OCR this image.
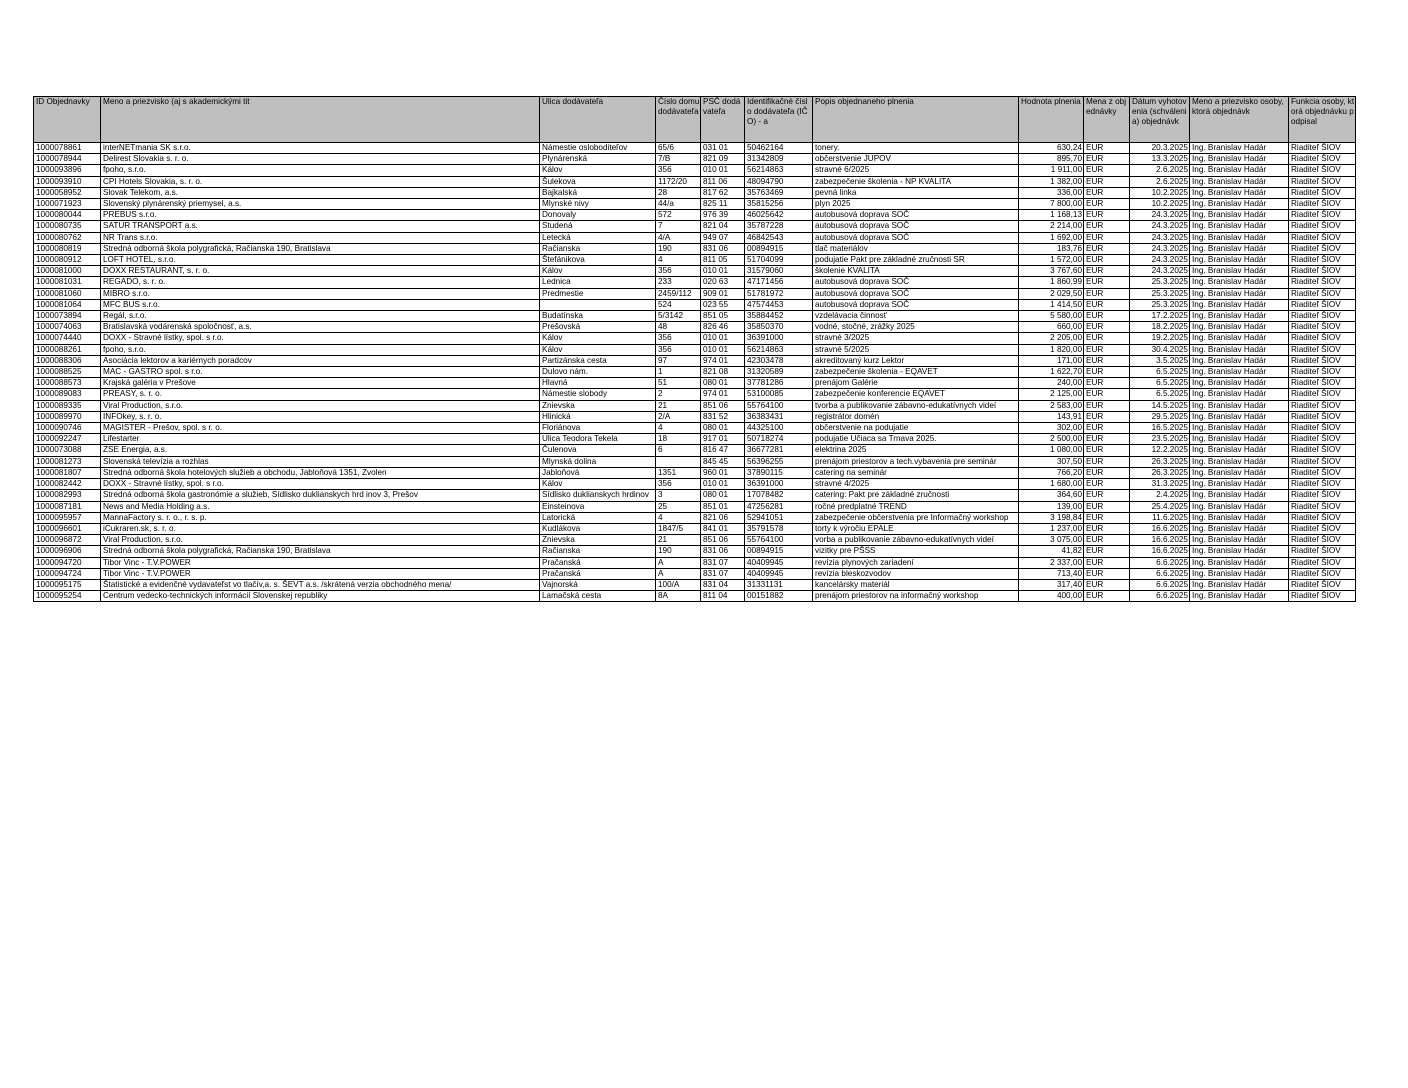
ID Objednavky	Meno a priezvisko (aj s akademickými tit	Ulica dodávateľa	Číslo domu dodávateľa	PSČ dodávateľa	Identifikačné číslo dodávateľa (IČO) - a	Popis objednaneho plnenia	Hodnota plnenia	Mena z objednávky	Dátum vyhotovenia (schválenia) objednávk	Meno a priezvisko osoby, ktorá objednávk	Funkcia osoby, ktorá objednávku podpisal
1000078861	interNETmania SK s.r.o.	Námestie osloboditeľov	65/6	031 01	50462164	tonery.	630,24	EUR	20.3.2025	Ing. Branislav Hadár	Riaditeľ ŠIOV
1000078944	Delirest Slovakia s. r. o.	Plynárenská	7/B	821 09	31342809	občerstvenie JUPOV	895,70	EUR	13.3.2025	Ing. Branislav Hadár	Riaditeľ ŠIOV
1000093896	fpoho, s.r.o.	Kálov	356	010 01	56214863	stravné 6/2025	1 911,00	EUR	2.6.2025	Ing. Branislav Hadár	Riaditeľ ŠIOV
1000093910	CPI Hotels Slovakia, s. r. o.	Šulekova	1172/20	811 06	48094790	zabezpečenie školenia - NP KVALITA	1 382,00	EUR	2.6.2025	Ing. Branislav Hadár	Riaditeľ ŠIOV
1000058952	Slovak Telekom, a.s.	Bajkalská	28	817 62	35763469	pevná linka	336,00	EUR	10.2.2025	Ing. Branislav Hadár	Riaditeľ ŠIOV
1000071923	Slovenský plynárenský priemysel, a.s.	Mlynské nivy	44/a	825 11	35815256	plyn 2025	7 800,00	EUR	10.2.2025	Ing. Branislav Hadár	Riaditeľ ŠIOV
1000080044	PREBUS s.r.o.	Donovaly	572	976 39	46025642	autobusová doprava SOČ	1 168,13	EUR	24.3.2025	Ing. Branislav Hadár	Riaditeľ ŠIOV
1000080735	SATUR TRANSPORT a.s.	Studená	7	821 04	35787228	autobusová doprava SOČ	2 214,00	EUR	24.3.2025	Ing. Branislav Hadár	Riaditeľ ŠIOV
1000080762	NR Trans s.r.o.	Letecká	4/A	949 07	46842543	autobusová doprava SOČ	1 692,00	EUR	24.3.2025	Ing. Branislav Hadár	Riaditeľ ŠIOV
1000080819	Stredná odborná škola polygrafická, Račianska 190, Bratislava	Račianska	190	831 06	00894915	tlač materiálov	183,76	EUR	24.3.2025	Ing. Branislav Hadár	Riaditeľ ŠIOV
1000080912	LOFT HOTEL, s.r.o.	Štefánikova	4	811 05	51704099	podujatie Pakt pre základné zručnosti SR	1 572,00	EUR	24.3.2025	Ing. Branislav Hadár	Riaditeľ ŠIOV
1000081000	DOXX RESTAURANT, s. r. o.	Kálov	356	010 01	31579060	školenie KVALITA	3 767,60	EUR	24.3.2025	Ing. Branislav Hadár	Riaditeľ ŠIOV
1000081031	REGADO, s. r. o.	Lednica	233	020 63	47171456	autobusová doprava SOČ	1 860,99	EUR	25.3.2025	Ing. Branislav Hadár	Riaditeľ ŠIOV
1000081060	MIBRO s.r.o.	Predmestie	2459/112	909 01	51781972	autobusová doprava SOČ	2 029,50	EUR	25.3.2025	Ing. Branislav Hadár	Riaditeľ ŠIOV
1000081064	MFC BUS s.r.o.		524	023 55	47574453	autobusová doprava SOČ	1 414,50	EUR	25.3.2025	Ing. Branislav Hadár	Riaditeľ ŠIOV
1000073894	Regál, s.r.o.	Budatínska	5/3142	851 05	35884452	vzdelávacia činnosť	5 580,00	EUR	17.2.2025	Ing. Branislav Hadár	Riaditeľ ŠIOV
1000074063	Bratislavská vodárenská spoločnosť, a.s.	Prešovská	48	826 46	35850370	vodné, stočné, zrážky 2025	660,00	EUR	18.2.2025	Ing. Branislav Hadár	Riaditeľ ŠIOV
1000074440	DOXX - Stravné lístky, spol. s r.o.	Kálov	356	010 01	36391000	stravné 3/2025	2 205,00	EUR	19.2.2025	Ing. Branislav Hadár	Riaditeľ ŠIOV
1000088261	fpoho, s.r.o.	Kálov	356	010 01	56214863	stravné 5/2025	1 820,00	EUR	30.4.2025	Ing. Branislav Hadár	Riaditeľ ŠIOV
1000088306	Asociácia lektorov a kariérnych poradcov	Partizánska cesta	97	974 01	42303478	akreditovaný kurz Lektor	171,00	EUR	3.5.2025	Ing. Branislav Hadár	Riaditeľ ŠIOV
1000088525	MAC - GASTRO spol. s r.o.	Dulovo nám.	1	821 08	31320589	zabezpečenie školenia - EQAVET	1 622,70	EUR	6.5.2025	Ing. Branislav Hadár	Riaditeľ ŠIOV
1000088573	Krajská galéria v Prešove	Hlavná	51	080 01	37781286	prenájom Galérie	240,00	EUR	6.5.2025	Ing. Branislav Hadár	Riaditeľ ŠIOV
1000089083	PREASY, s. r. o.	Námestie slobody	2	974 01	53100085	zabezpečenie konferencie EQAVET	2 125,00	EUR	6.5.2025	Ing. Branislav Hadár	Riaditeľ ŠIOV
1000089335	Viral Production, s.r.o.	Znievska	21	851 06	55764100	tvorba a publikovanie zábavno-edukatívnych videí	2 583,00	EUR	14.5.2025	Ing. Branislav Hadár	Riaditeľ ŠIOV
1000089970	INFOkey, s. r. o.	Hlinická	2/A	831 52	36383431	registrátor domén	143,91	EUR	29.5.2025	Ing. Branislav Hadár	Riaditeľ ŠIOV
1000090746	MAGISTER - Prešov, spol. s r. o.	Floriánova	4	080 01	44325100	občerstvenie na podujatie	302,00	EUR	16.5.2025	Ing. Branislav Hadár	Riaditeľ ŠIOV
1000092247	Lifestarter	Ulica Teodora Tekela	18	917 01	50718274	podujatie Učiaca sa Trnava 2025.	2 500,00	EUR	23.5.2025	Ing. Branislav Hadár	Riaditeľ ŠIOV
1000073088	ZSE Energia, a.s.	Čulenova	6	816 47	36677281	elektrina 2025	1 080,00	EUR	12.2.2025	Ing. Branislav Hadár	Riaditeľ ŠIOV
1000081273	Slovenská televízia a rozhlas	Mlynská dolina		845 45	56396255	prenájom priestorov a tech.vybavenia pre seminár	307,50	EUR	26.3.2025	Ing. Branislav Hadár	Riaditeľ ŠIOV
1000081807	Stredná odborná škola hotelových služieb a obchodu, Jabloňová 1351, Zvolen	Jabloňová	1351	960 01	37890115	catering na seminár	766,20	EUR	26.3.2025	Ing. Branislav Hadár	Riaditeľ ŠIOV
1000082442	DOXX - Stravné lístky, spol. s r.o.	Kálov	356	010 01	36391000	stravné 4/2025	1 680,00	EUR	31.3.2025	Ing. Branislav Hadár	Riaditeľ ŠIOV
1000082993	Stredná odborná škola gastronómie a služieb, Sídlisko duklianskych hrd inov 3, Prešov	Sídlisko duklianskych hrdinov	3	080 01	17078482	catering: Pakt pre základné zručnosti	364,60	EUR	2.4.2025	Ing. Branislav Hadár	Riaditeľ ŠIOV
1000087181	News and Media Holding a.s.	Einsteinova	25	851 01	47256281	ročné predplatné TREND	139,00	EUR	25.4.2025	Ing. Branislav Hadár	Riaditeľ ŠIOV
1000095957	MannaFactory s. r. o., r. s. p.	Latorická	4	821 06	52941051	zabezpečenie občerstvenia pre Informačný workshop	3 198,84	EUR	11.6.2025	Ing. Branislav Hadár	Riaditeľ ŠIOV
1000096601	iCukraren.sk, s. r. o.	Kudlákova	1847/5	841 01	35791578	torty k výročiu EPALE	1 237,00	EUR	16.6.2025	Ing. Branislav Hadár	Riaditeľ ŠIOV
1000096872	Viral Production, s.r.o.	Znievska	21	851 06	55764100	vorba a publikovanie zábavno-edukatívnych videí	3 075,00	EUR	16.6.2025	Ing. Branislav Hadár	Riaditeľ ŠIOV
1000096906	Stredná odborná škola polygrafická, Račianska 190, Bratislava	Račianska	190	831 06	00894915	vizitky pre PŠSS	41,82	EUR	16.6.2025	Ing. Branislav Hadár	Riaditeľ ŠIOV
1000094720	Tibor Vinc - T.V.POWER	Pračanská	A	831 07	40409945	revízia plynových zariadení	2 337,00	EUR	6.6.2025	Ing. Branislav Hadár	Riaditeľ ŠIOV
1000094724	Tibor Vinc - T.V.POWER	Pračanská	A	831 07	40409945	revízia bleskozvodov	713,40	EUR	6.6.2025	Ing. Branislav Hadár	Riaditeľ ŠIOV
1000095175	Štatistické a evidenčné vydavateľst vo tlačív,a. s. ŠEVT a.s. /skrátená verzia obchodného mena/	Vajnorská	100/A	831 04	31331131	kancelársky materiál	317,40	EUR	6.6.2025	Ing. Branislav Hadár	Riaditeľ ŠIOV
1000095254	Centrum vedecko-technických informácií Slovenskej republiky	Lamačská cesta	8A	811 04	00151882	prenájom priestorov na informačný workshop	400,00	EUR	6.6.2025	Ing. Branislav Hadár	Riaditeľ ŠIOV
